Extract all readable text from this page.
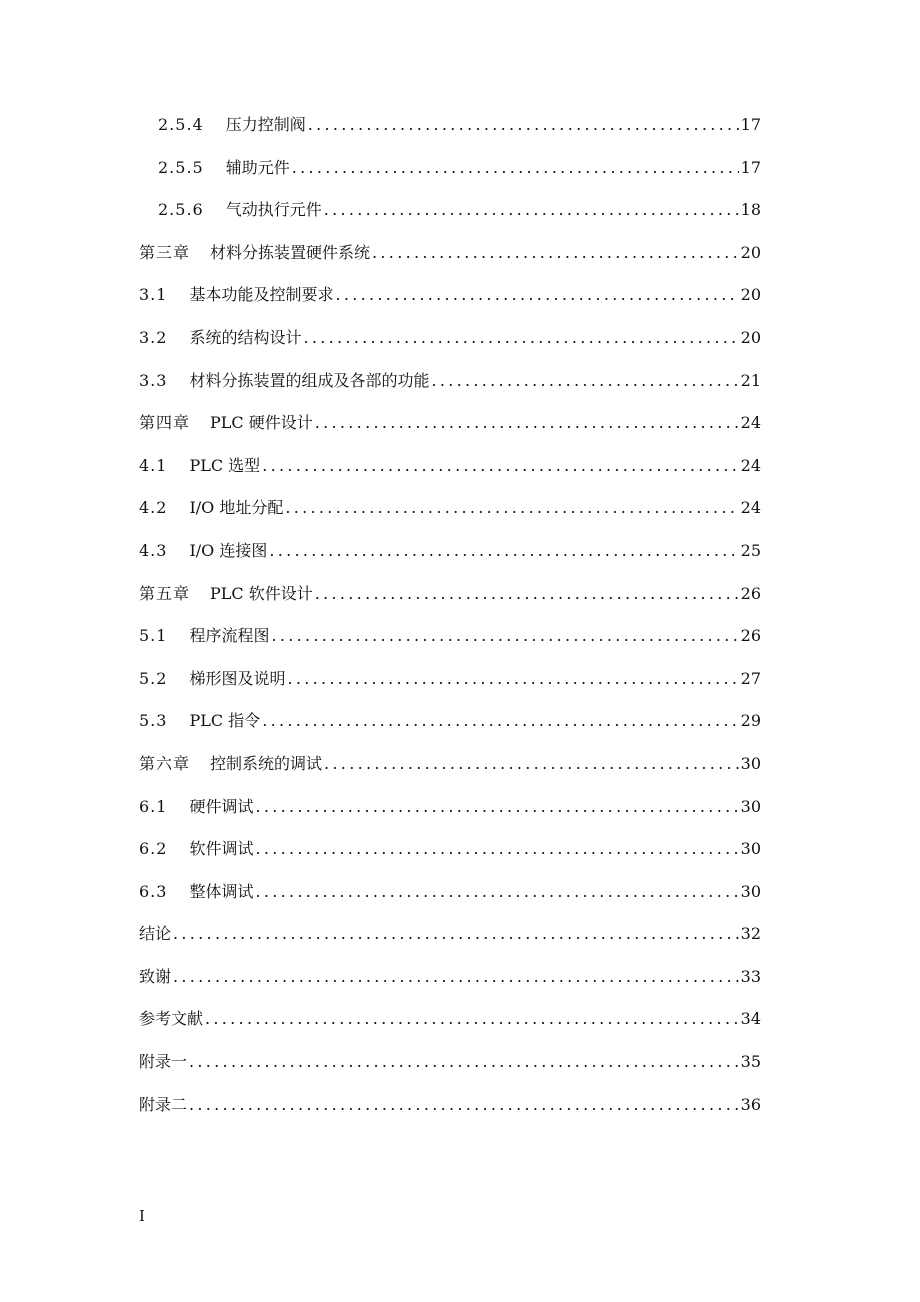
2.5.4 压力控制阀 .....	17
2.5.5 辅助元件 .....	17
2.5.6 气动执行元件 .....	18
第三章 材料分拣装置硬件系统 .....	20
3.1 基本功能及控制要求 .....	20
3.2 系统的结构设计 .....	20
3.3 材料分拣装置的组成及各部的功能 .....	21
第四章 PLC 硬件设计 .....	24
4.1 PLC 选型 .....	24
4.2 I/O 地址分配 .....	24
4.3 I/O 连接图 .....	25
第五章 PLC 软件设计 .....	26
5.1 程序流程图 .....	26
5.2 梯形图及说明 .....	27
5.3 PLC 指令 .....	29
第六章 控制系统的调试 .....	30
6.1 硬件调试 .....	30
6.2 软件调试 .....	30
6.3 整体调试 .....	30
结论 .....	32
致谢 .....	33
参考文献 .....	34
附录一 .....	35
附录二 .....	36
I
